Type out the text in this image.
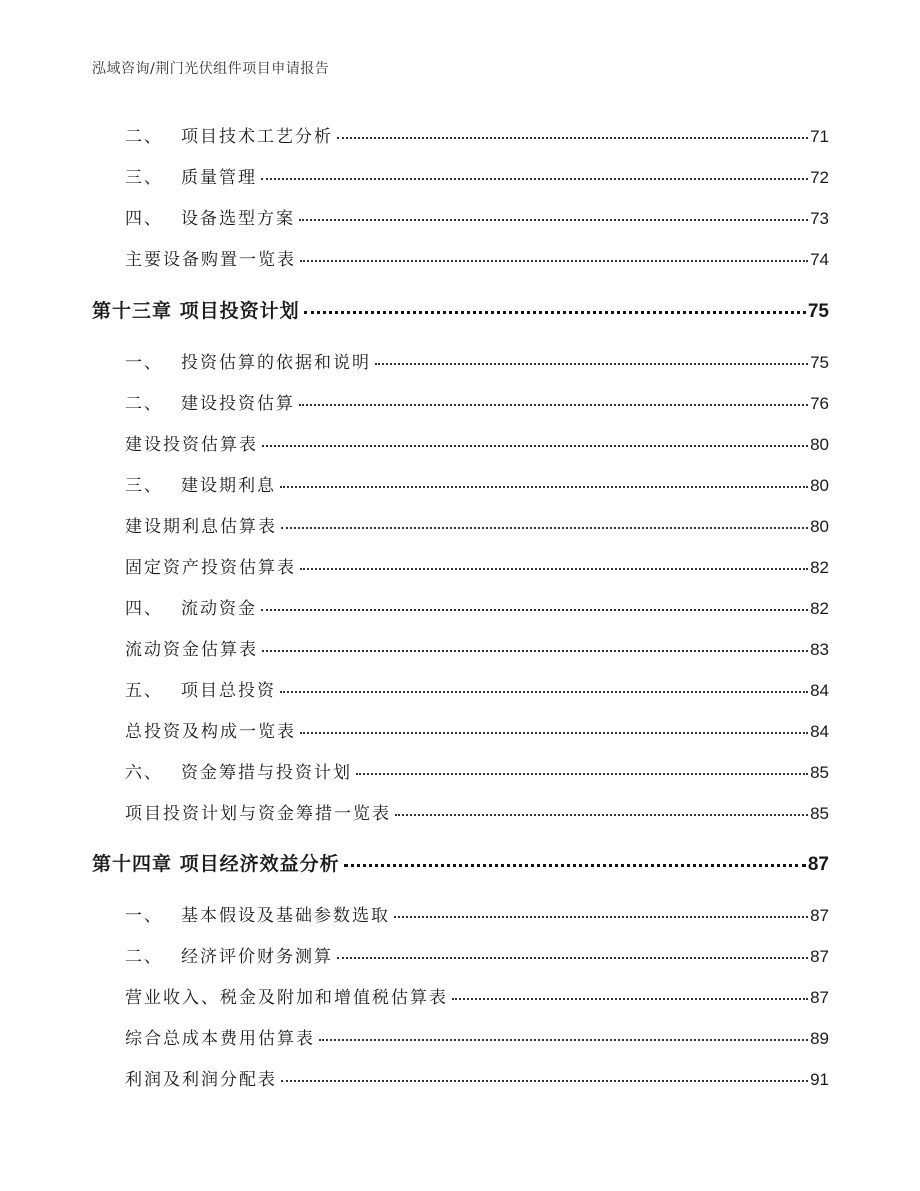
泓域咨询/荆门光伏组件项目申请报告
二、 项目技术工艺分析	71
三、 质量管理	72
四、 设备选型方案	73
主要设备购置一览表	74
第十三章 项目投资计划	75
一、 投资估算的依据和说明	75
二、 建设投资估算	76
建设投资估算表	80
三、 建设期利息	80
建设期利息估算表	80
固定资产投资估算表	82
四、 流动资金	82
流动资金估算表	83
五、 项目总投资	84
总投资及构成一览表	84
六、 资金筹措与投资计划	85
项目投资计划与资金筹措一览表	85
第十四章 项目经济效益分析	87
一、 基本假设及基础参数选取	87
二、 经济评价财务测算	87
营业收入、税金及附加和增值税估算表	87
综合总成本费用估算表	89
利润及利润分配表	91
